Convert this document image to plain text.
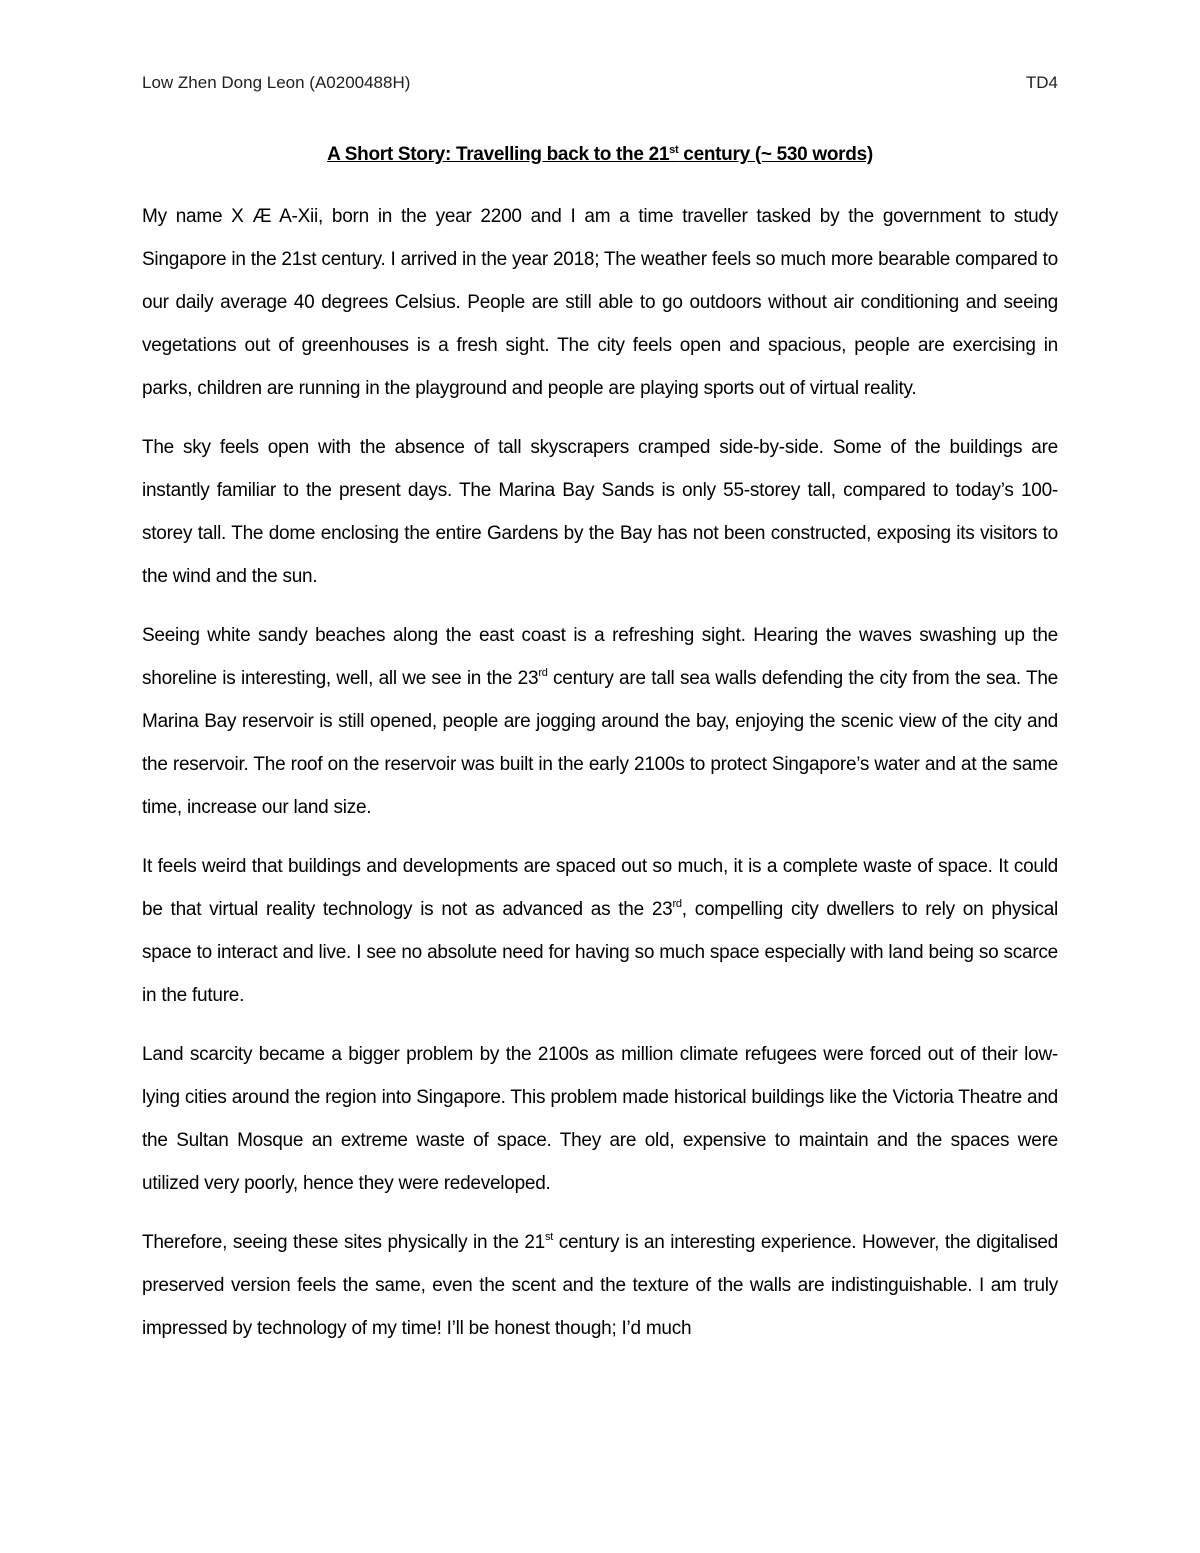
Low Zhen Dong Leon (A0200488H)	TD4
A Short Story: Travelling back to the 21st century (~ 530 words)

My name X Æ A-Xii, born in the year 2200 and I am a time traveller tasked by the government to study Singapore in the 21st century. I arrived in the year 2018; The weather feels so much more bearable compared to our daily average 40 degrees Celsius. People are still able to go outdoors without air conditioning and seeing vegetations out of greenhouses is a fresh sight. The city feels open and spacious, people are exercising in parks, children are running in the playground and people are playing sports out of virtual reality.

The sky feels open with the absence of tall skyscrapers cramped side-by-side. Some of the buildings are instantly familiar to the present days. The Marina Bay Sands is only 55-storey tall, compared to today’s 100-storey tall. The dome enclosing the entire Gardens by the Bay has not been constructed, exposing its visitors to the wind and the sun.

Seeing white sandy beaches along the east coast is a refreshing sight. Hearing the waves swashing up the shoreline is interesting, well, all we see in the 23rd century are tall sea walls defending the city from the sea. The Marina Bay reservoir is still opened, people are jogging around the bay, enjoying the scenic view of the city and the reservoir. The roof on the reservoir was built in the early 2100s to protect Singapore’s water and at the same time, increase our land size.

It feels weird that buildings and developments are spaced out so much, it is a complete waste of space. It could be that virtual reality technology is not as advanced as the 23rd, compelling city dwellers to rely on physical space to interact and live. I see no absolute need for having so much space especially with land being so scarce in the future.

Land scarcity became a bigger problem by the 2100s as million climate refugees were forced out of their low-lying cities around the region into Singapore. This problem made historical buildings like the Victoria Theatre and the Sultan Mosque an extreme waste of space. They are old, expensive to maintain and the spaces were utilized very poorly, hence they were redeveloped.

Therefore, seeing these sites physically in the 21st century is an interesting experience. However, the digitalised preserved version feels the same, even the scent and the texture of the walls are indistinguishable. I am truly impressed by technology of my time! I’ll be honest though; I’d much
